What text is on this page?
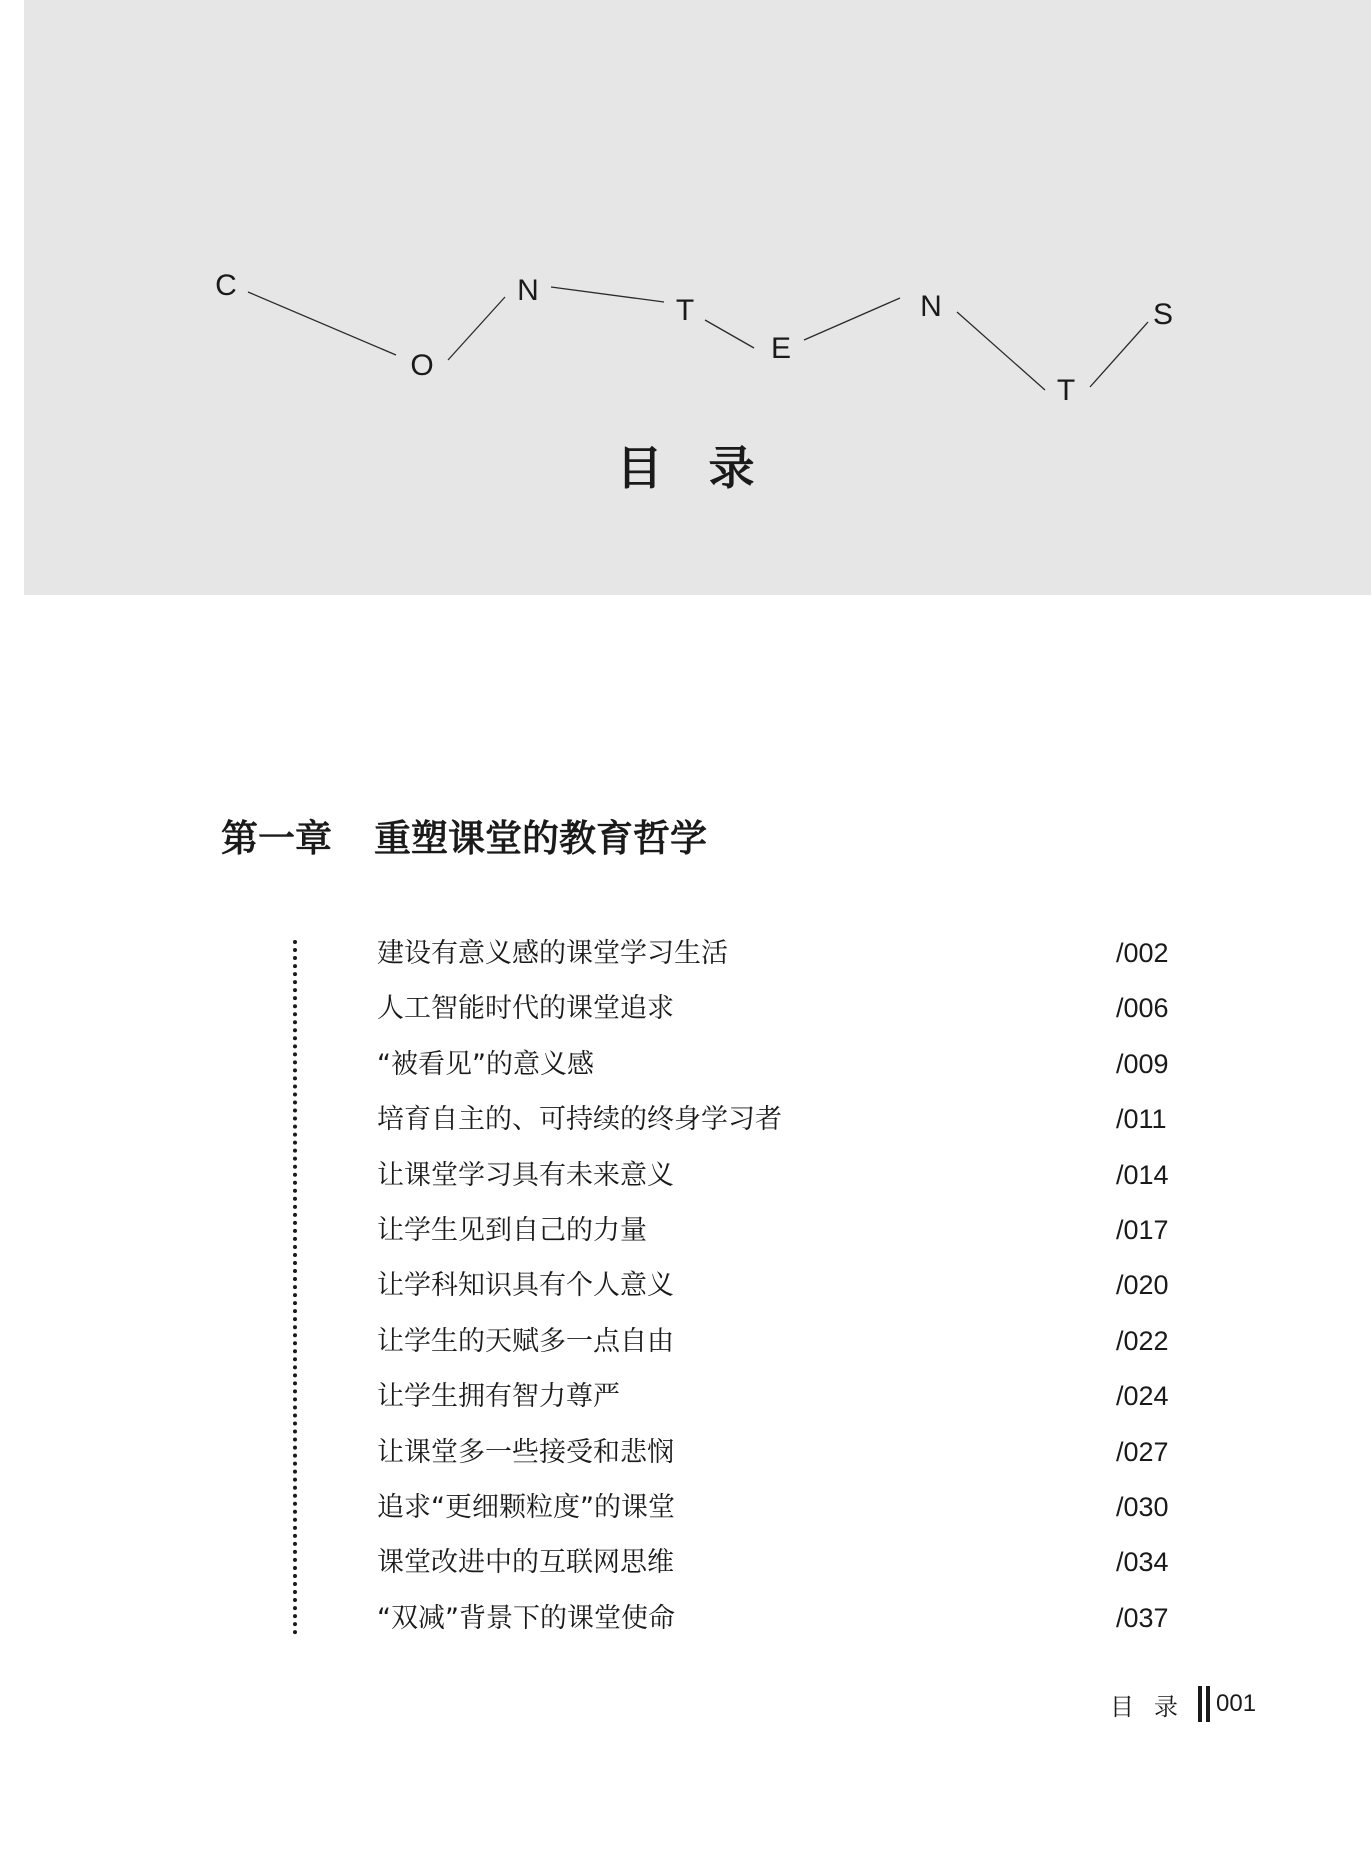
C
O
N
T
E
N
T
S
目录
第一章 重塑课堂的教育哲学
建设有意义感的课堂学习生活	/002
人工智能时代的课堂追求	/006
“被看见”的意义感	/009
培育自主的、可持续的终身学习者	/011
让课堂学习具有未来意义	/014
让学生见到自己的力量	/017
让学科知识具有个人意义	/020
让学生的天赋多一点自由	/022
让学生拥有智力尊严	/024
让课堂多一些接受和悲悯	/027
追求“更细颗粒度”的课堂	/030
课堂改进中的互联网思维	/034
“双减”背景下的课堂使命	/037
目录 001
